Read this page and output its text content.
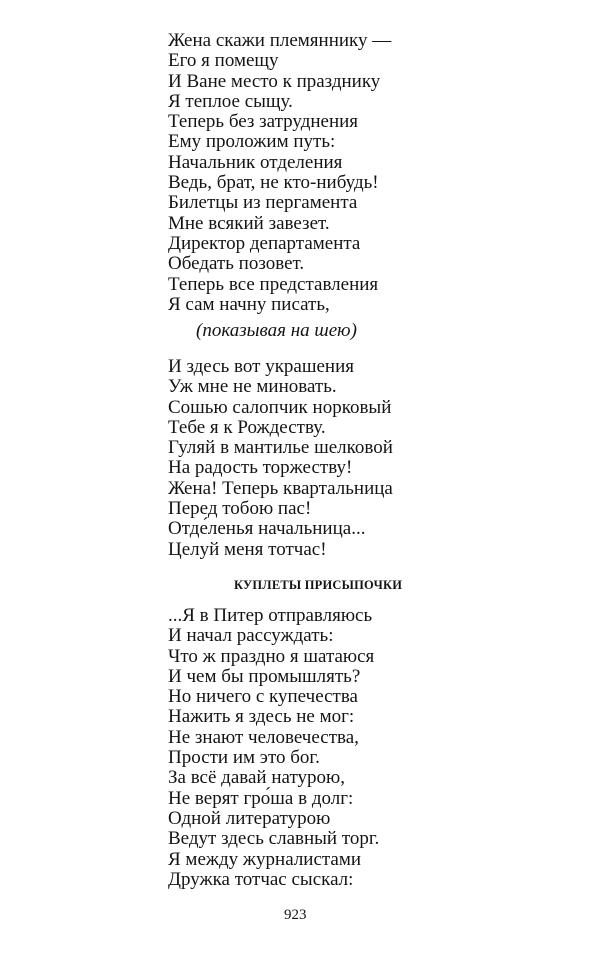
Жена скажи племяннику —
Его я помещу
И Ване место к празднику
Я теплое сыщу.
Теперь без затруднения
Ему проложим путь:
Начальник отделения
Ведь, брат, не кто-нибудь!
Билетцы из пергамента
Мне всякий завезет.
Директор департамента
Обедать позовет.
Теперь все представления
Я сам начну писать,
(показывая на шею)
И здесь вот украшения
Уж мне не миновать.
Сошью салопчик норковый
Тебе я к Рождеству.
Гуляй в мантилье шелковой
На радость торжеству!
Жена! Теперь квартальница
Перед тобою пас!
Отде́ленья начальница...
Целуй меня тотчас!
КУПЛЕТЫ ПРИСЫПОЧКИ
...Я в Питер отправляюсь
И начал рассуждать:
Что ж праздно я шатаюся
И чем бы промышлять?
Но ничего с купечества
Нажить я здесь не мог:
Не знают человечества,
Прости им это бог.
За всё давай натурою,
Не верят гро́ша в долг:
Одной литературою
Ведут здесь славный торг.
Я между журналистами
Дружка тотчас сыскал:
923
